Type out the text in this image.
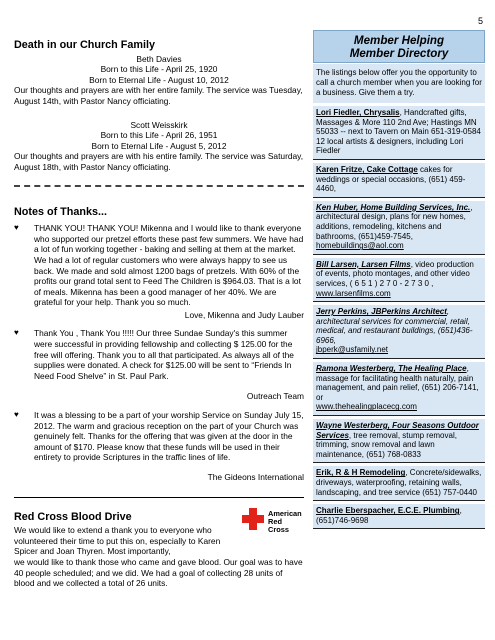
5
Death in our Church Family
Beth Davies
Born to this Life - April 25, 1920
Born to Eternal Life - August 10, 2012
Our thoughts and prayers are with her entire family. The service was Tuesday, August 14th, with Pastor Nancy officiating.
Scott Weisskirk
Born to this Life - April 26, 1951
Born to Eternal Life - August 5, 2012
Our thoughts and prayers are with his entire family. The service was Saturday, August 18th, with Pastor Nancy officiating.
Notes of Thanks...
♥ THANK YOU! THANK YOU! Mikenna and I would like to thank everyone who supported our pretzel efforts these past few summers. We have had a lot of fun working together - baking and selling at them at the market. We had a lot of regular customers who were always happy to see us back. We made and sold almost 1200 bags of pretzels. With 60% of the profits our grand total sent to Feed The Children is $964.03. That is a lot of meals. Mikenna has been a good manager of her 40%. We are grateful for your help. Thank you so much.
Love, Mikenna and Judy Lauber
♥ Thank You , Thank You !!!!! Our three Sundae Sunday's this summer were successful in providing fellowship and collecting $ 125.00 for the free will offering. Thank you to all that participated. As always all of the supplies were donated. A check for $125.00 will be sent to “Friends In Need Food Shelve” in St. Paul Park.
Outreach Team
♥ It was a blessing to be a part of your worship Service on Sunday July 15, 2012. The warm and gracious reception on the part of your Church was genuinely felt. Thanks for the offering that was given at the door in the amount of $170. Please know that these funds will be used in their entirety to provide Scriptures in the traffic lines of life.
The Gideons International
Red Cross Blood Drive	American
Red Cross
We would like to extend a thank you to everyone who volunteered their time to put this on, especially to Karen Spicer and Joan Thyren. Most importantly,
we would like to thank those who came and gave blood. Our goal was to have 40 people scheduled; and we did. We had a goal of collecting 28 units of blood and we collected a total of 26 units.
Member Helping
Member Directory
The listings below offer you the opportunity to call a church member when you are looking for a business. Give them a try.
Lori Fiedler, Chrysalis, Handcrafted gifts, Massages & More 110 2nd Ave; Hastings MN 55033 -- next to Tavern on Main 651-319-0584 12 local artists & designers, including Lori Fiedler
Karen Fritze, Cake Cottage cakes for weddings or special occasions, (651) 459-4460,
Ken Huber, Home Building Services, Inc., architectural design, plans for new homes, additions, remodeling, kitchens and bathrooms, (651)459-7545,
homebuildings@aol.com
Bill Larsen, Larsen Films, video production of events, photo montages, and other video services, ( 6 5 1 ) 2 7 0 - 2 7 3 0 ,
www.larsenfilms.com
Jerry Perkins, JBPerkins Architect, architectural services for commercial, retail, medical, and restaurant buildings, (651)436-6966,
jbperk@usfamily.net
Ramona Westerberg, The Healing Place, massage for facilitating health naturally, pain management, and pain relief, (651) 206-7141, or
www.thehealingplacecg.com
Wayne Westerberg, Four Seasons Outdoor Services, tree removal, stump removal, trimming, snow removal and lawn maintenance, (651) 768-0833
Erik, R & H Remodeling, Concrete/sidewalks, driveways, waterproofing, retaining walls, landscaping, and tree service (651) 757-0440
Charlie Eberspacher, E.C.E. Plumbing, (651)746-9698
